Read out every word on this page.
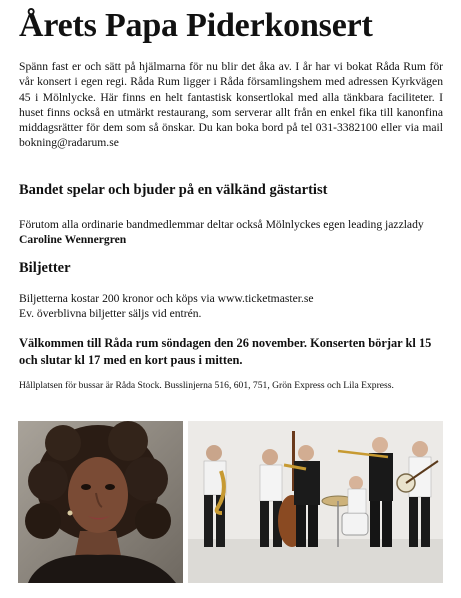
Årets Papa Piderkonsert

Spänn fast er och sätt på hjälmarna för nu blir det åka av. I år har vi bokat Råda Rum för vår konsert i egen regi. Råda Rum ligger i Råda församlingshem med adressen Kyrkvägen 45 i Mölnlycke. Här finns en helt fantastisk konsertlokal med alla tänkbara faciliteter. I huset finns också en utmärkt restaurang, som serverar allt från en enkel fika till kanonfina middagsrätter för dem som så önskar. Du kan boka bord på tel 031-3382100 eller via mail bokning@radarum.se

Bandet spelar och bjuder på en välkänd gästartist

Förutom alla ordinarie bandmedlemmar deltar också Mölnlyckes egen leading jazzlady Caroline Wennergren

Biljetter

Biljetterna kostar 200 kronor och köps via www.ticketmaster.se
Ev. överblivna biljetter säljs vid entrén.

Välkommen till Råda rum söndagen den 26 november. Konserten börjar kl 15 och slutar kl 17 med en kort paus i mitten.

Hållplatsen för bussar är Råda Stock. Busslinjerna 516, 601, 751, Grön Express och Lila Express.
